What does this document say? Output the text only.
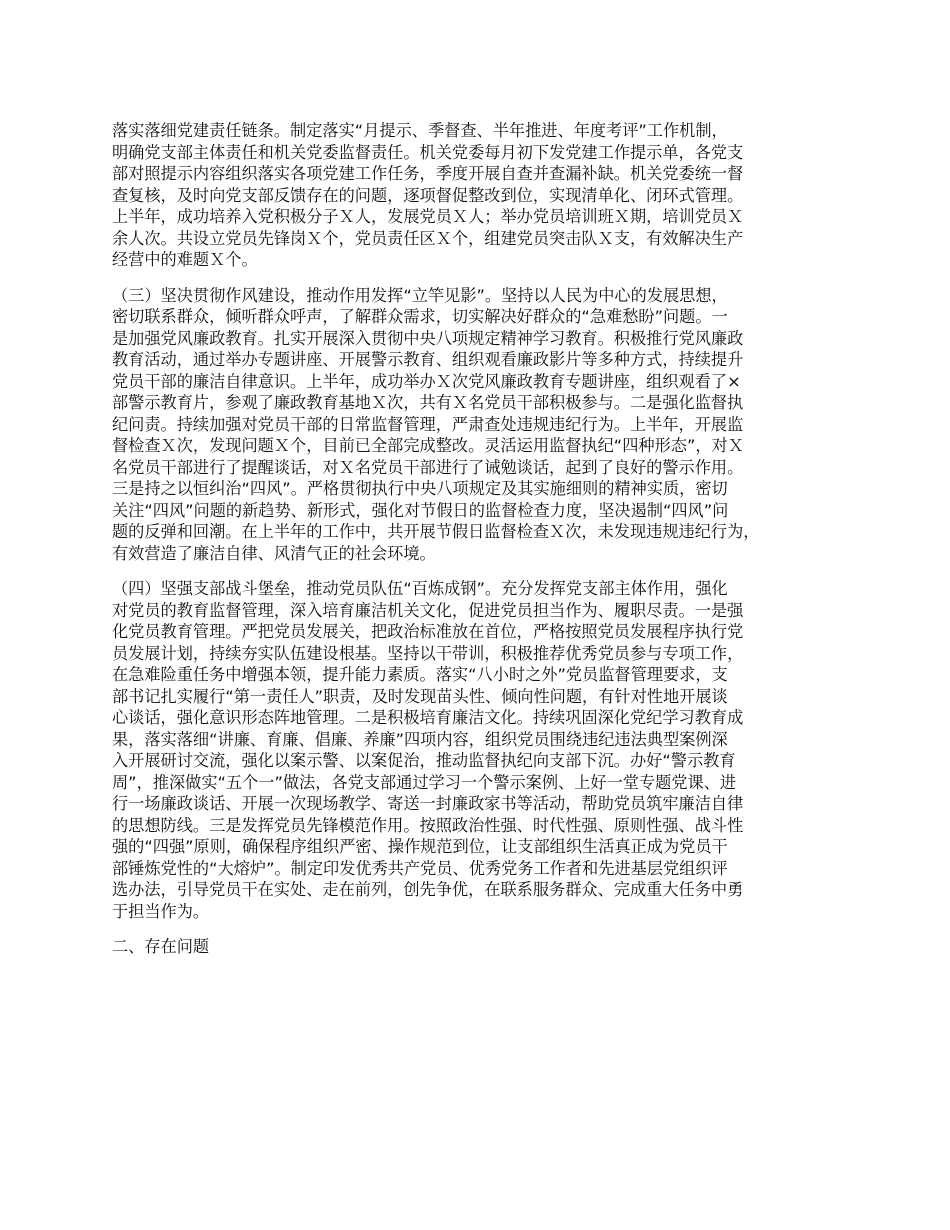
落实落细党建责任链条。制定落实“月提示、季督查、半年推进、年度考评”工作机制，
明确党支部主体责任和机关党委监督责任。机关党委每月初下发党建工作提示单，各党支
部对照提示内容组织落实各项党建工作任务，季度开展自查并查漏补缺。机关党委统一督
查复核，及时向党支部反馈存在的问题，逐项督促整改到位，实现清单化、闭环式管理。
上半年，成功培养入党积极分子Ｘ人，发展党员Ｘ人；举办党员培训班Ｘ期，培训党员Ｘ
余人次。共设立党员先锋岗Ｘ个，党员责任区Ｘ个，组建党员突击队Ｘ支，有效解决生产
经营中的难题Ｘ个。
（三）坚决贯彻作风建设，推动作用发挥“立竿见影”。坚持以人民为中心的发展思想，
密切联系群众，倾听群众呼声，了解群众需求，切实解决好群众的“急难愁盼”问题。一
是加强党风廉政教育。扎实开展深入贯彻中央八项规定精神学习教育。积极推行党风廉政
教育活动，通过举办专题讲座、开展警示教育、组织观看廉政影片等多种方式，持续提升
党员干部的廉洁自律意识。上半年，成功举办Ｘ次党风廉政教育专题讲座，组织观看了×
部警示教育片，参观了廉政教育基地Ｘ次，共有Ｘ名党员干部积极参与。二是强化监督执
纪问责。持续加强对党员干部的日常监督管理，严肃查处违规违纪行为。上半年，开展监
督检查Ｘ次，发现问题Ｘ个，目前已全部完成整改。灵活运用监督执纪“四种形态”，对Ｘ
名党员干部进行了提醒谈话，对Ｘ名党员干部进行了诫勉谈话，起到了良好的警示作用。
三是持之以恒纠治“四风”。严格贯彻执行中央八项规定及其实施细则的精神实质，密切
关注“四风”问题的新趋势、新形式，强化对节假日的监督检查力度，坚决遏制“四风”问
题的反弹和回潮。在上半年的工作中，共开展节假日监督检查Ｘ次，未发现违规违纪行为，
有效营造了廉洁自律、风清气正的社会环境。
（四）坚强支部战斗堡垒，推动党员队伍“百炼成钢”。充分发挥党支部主体作用，强化
对党员的教育监督管理，深入培育廉洁机关文化，促进党员担当作为、履职尽责。一是强
化党员教育管理。严把党员发展关，把政治标准放在首位，严格按照党员发展程序执行党
员发展计划，持续夯实队伍建设根基。坚持以干带训，积极推荐优秀党员参与专项工作，
在急难险重任务中增强本领，提升能力素质。落实“八小时之外”党员监督管理要求，支
部书记扎实履行“第一责任人”职责，及时发现苗头性、倾向性问题，有针对性地开展谈
心谈话，强化意识形态阵地管理。二是积极培育廉洁文化。持续巩固深化党纪学习教育成
果，落实落细“讲廉、育廉、倡廉、养廉”四项内容，组织党员围绕违纪违法典型案例深
入开展研讨交流，强化以案示警、以案促治，推动监督执纪向支部下沉。办好“警示教育
周”，推深做实“五个一”做法，各党支部通过学习一个警示案例、上好一堂专题党课、进
行一场廉政谈话、开展一次现场教学、寄送一封廉政家书等活动，帮助党员筑牢廉洁自律
的思想防线。三是发挥党员先锋模范作用。按照政治性强、时代性强、原则性强、战斗性
强的“四强”原则，确保程序组织严密、操作规范到位，让支部组织生活真正成为党员干
部锤炼党性的“大熔炉”。制定印发优秀共产党员、优秀党务工作者和先进基层党组织评
选办法，引导党员干在实处、走在前列，创先争优，在联系服务群众、完成重大任务中勇
于担当作为。
二、存在问题
